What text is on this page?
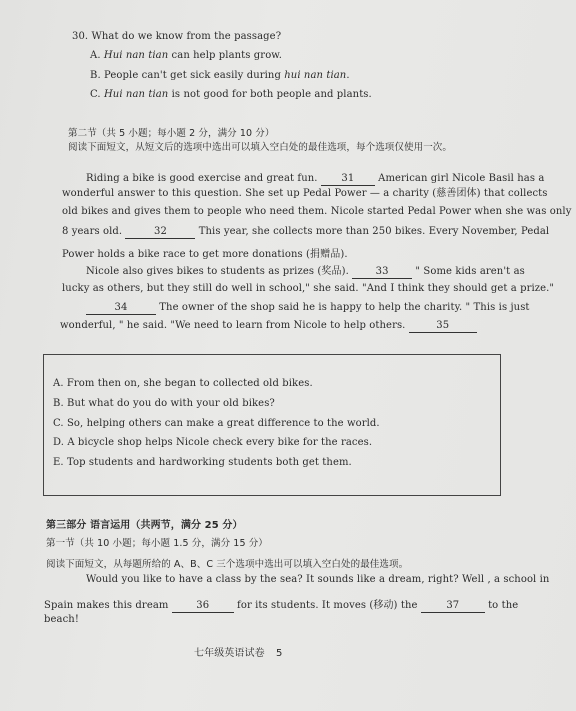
30. What do we know from the passage?
A. Hui nan tian can help plants grow.
B. People can't get sick easily during hui nan tian.
C. Hui nan tian is not good for both people and plants.
第二节（共 5 小题；每小题 2 分，满分 10 分）
阅读下面短文，从短文后的选项中选出可以填入空白处的最佳选项，每个选项仅使用一次。
Riding a bike is good exercise and great fun. 31 American girl Nicole Basil has a
wonderful answer to this question. She set up Pedal Power — a charity (慈善团体) that collects
old bikes and gives them to people who need them. Nicole started Pedal Power when she was only
8 years old.	32	This year, she collects more than 250 bikes. Every November, Pedal
Power holds a bike race to get more donations (捐赠品).
Nicole also gives bikes to students as prizes (奖品).	33	" Some kids aren't as
lucky as others, but they still do well in school," she said. "And I think they should get a prize."
34	The owner of the shop said he is happy to help the charity. " This is just
wonderful, " he said. "We need to learn from Nicole to help others.	35
A. From then on, she began to collected old bikes.
B. But what do you do with your old bikes?
C. So, helping others can make a great difference to the world.
D. A bicycle shop helps Nicole check every bike for the races.
E. Top students and hardworking students both get them.
第三部分 语言运用（共两节，满分 25 分）
第一节（共 10 小题；每小题 1.5 分，满分 15 分）
阅读下面短文，从每题所给的 A、B、C 三个选项中选出可以填入空白处的最佳选项。
Would you like to have a class by the sea? It sounds like a dream, right? Well , a school in
Spain makes this dream	36	for its students. It moves (移动) the	37	to the
beach!
七年级英语试卷 5
